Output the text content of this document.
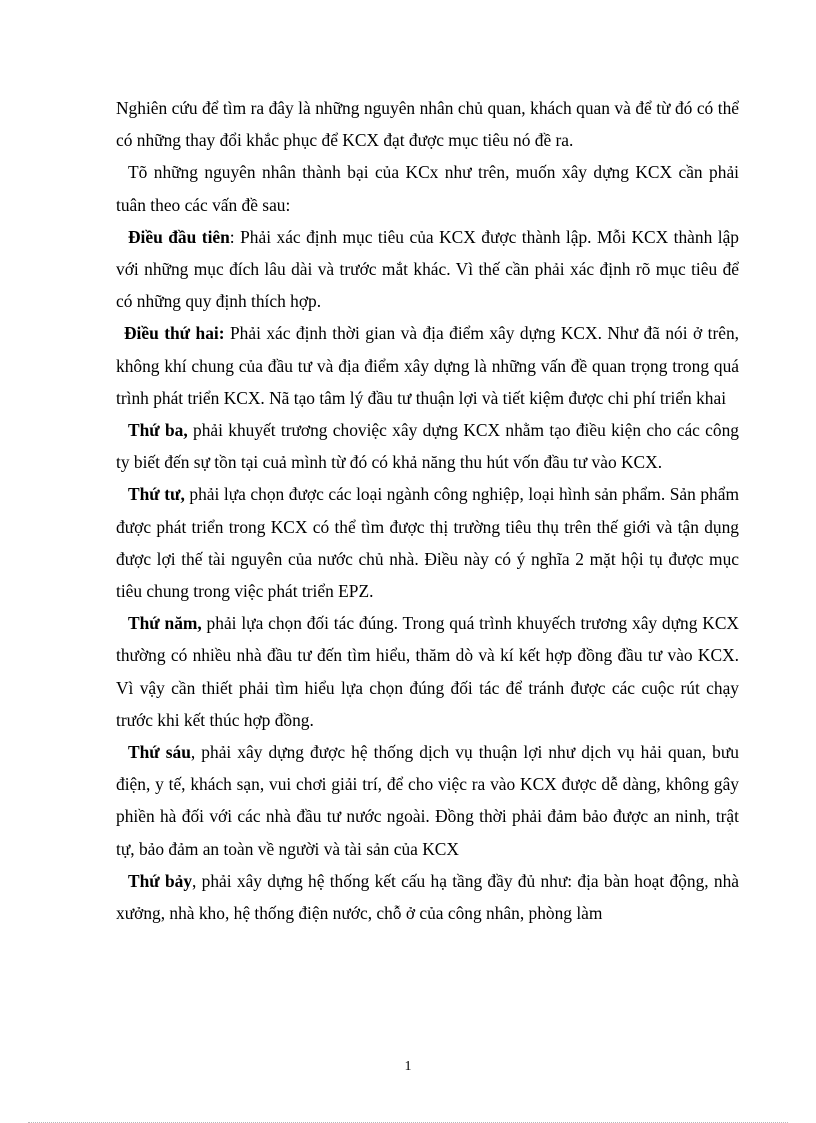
Nghiên cứu để tìm ra đây là những nguyên nhân chủ quan, khách quan và để từ đó có thể có những thay đổi khắc phục để KCX đạt được mục tiêu nó đề ra.

Tõ những nguyên nhân thành bại của KCx như trên, muốn xây dựng KCX cần phải tuân theo các vấn đề sau:

Điều đầu tiên: Phải xác định mục tiêu của KCX được thành lập. Mỗi KCX thành lập với những mục đích lâu dài và trước mắt khác. Vì thế cần phải xác định rõ mục tiêu để có những quy định thích hợp.

Điều thứ hai: Phải xác định thời gian và địa điểm xây dựng KCX. Như đã nói ở trên, không khí chung của đầu tư và địa điểm xây dựng là những vấn đề quan trọng trong quá trình phát triển KCX. Nã tạo tâm lý đầu tư thuận lợi và tiết kiệm được chi phí triển khai

Thứ ba, phải khuyết trương choviệc xây dựng KCX nhằm tạo điều kiện cho các công ty biết đến sự tồn tại cuả mình từ đó có khả năng thu hút vốn đầu tư vào KCX.

Thứ tư, phải lựa chọn được các loại ngành công nghiệp, loại hình sản phẩm. Sản phẩm được phát triển trong KCX có thể tìm được thị trường tiêu thụ trên thế giới và tận dụng được lợi thế tài nguyên của nước chủ nhà. Điều này có ý nghĩa 2 mặt hội tụ được mục tiêu chung trong việc phát triển EPZ.

Thứ năm, phải lựa chọn đối tác đúng. Trong quá trình khuyếch trương xây dựng KCX thường có nhiều nhà đầu tư đến tìm hiểu, thăm dò và kí kết hợp đồng đầu tư vào KCX. Vì vậy cần thiết phải tìm hiểu lựa chọn đúng đối tác để tránh được các cuộc rút chạy trước khi kết thúc hợp đồng.

Thứ sáu, phải xây dựng được hệ thống dịch vụ thuận lợi như dịch vụ hải quan, bưu điện, y tế, khách sạn, vui chơi giải trí, để cho việc ra vào KCX được dễ dàng, không gây phiền hà đối với các nhà đầu tư nước ngoài. Đồng thời phải đảm bảo được an ninh, trật tự, bảo đảm an toàn về người và tài sản của KCX

Thứ bảy, phải xây dựng hệ thống kết cấu hạ tầng đầy đủ như: địa bàn hoạt động, nhà xưởng, nhà kho, hệ thống điện nước, chỗ ở của công nhân, phòng làm

1
